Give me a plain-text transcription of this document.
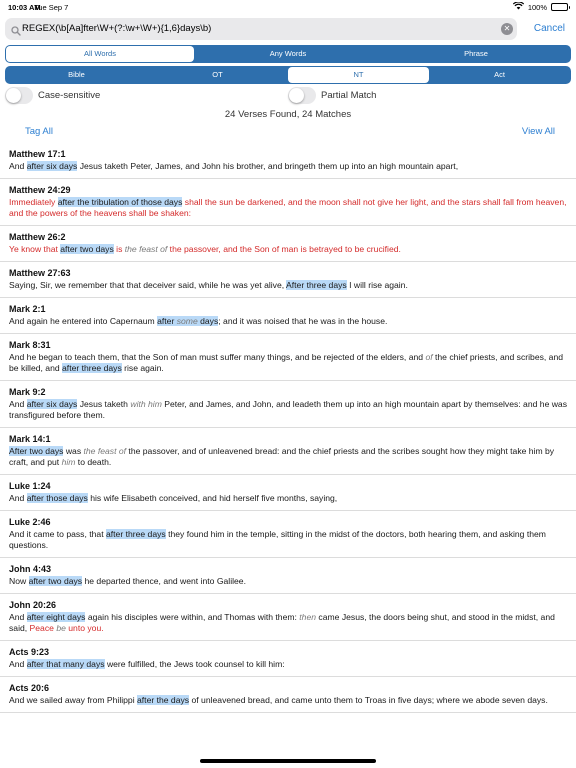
10:03 AM
Tue Sep 7	100%
REGEX(\b[Aa]fter\W+(?:\w+\W+){1,6}days\b)	✕ Cancel
All Words	Any Words	Phrase
Bible	OT	NT	Act
Case-sensitive	Partial Match
24 Verses Found, 24 Matches
Tag All	View All
Matthew 17:1
And after six days Jesus taketh Peter, James, and John his brother, and bringeth them up into an high mountain apart,
Matthew 24:29
Immediately after the tribulation of those days shall the sun be darkened, and the moon shall not give her light, and the stars shall fall from heaven, and the powers of the heavens shall be shaken:
Matthew 26:2
Ye know that after two days is the feast of the passover, and the Son of man is betrayed to be crucified.
Matthew 27:63
Saying, Sir, we remember that that deceiver said, while he was yet alive, After three days I will rise again.
Mark 2:1
And again he entered into Capernaum after some days; and it was noised that he was in the house.
Mark 8:31
And he began to teach them, that the Son of man must suffer many things, and be rejected of the elders, and of the chief priests, and scribes, and be killed, and after three days rise again.
Mark 9:2
And after six days Jesus taketh with him Peter, and James, and John, and leadeth them up into an high mountain apart by themselves: and he was transfigured before them.
Mark 14:1
After two days was the feast of the passover, and of unleavened bread: and the chief priests and the scribes sought how they might take him by craft, and put him to death.
Luke 1:24
And after those days his wife Elisabeth conceived, and hid herself five months, saying,
Luke 2:46
And it came to pass, that after three days they found him in the temple, sitting in the midst of the doctors, both hearing them, and asking them questions.
John 4:43
Now after two days he departed thence, and went into Galilee.
John 20:26
And after eight days again his disciples were within, and Thomas with them: then came Jesus, the doors being shut, and stood in the midst, and said, Peace be unto you.
Acts 9:23
And after that many days were fulfilled, the Jews took counsel to kill him:
Acts 20:6
And we sailed away from Philippi after the days of unleavened bread, and came unto them to Troas in five days; where we abode seven days.
